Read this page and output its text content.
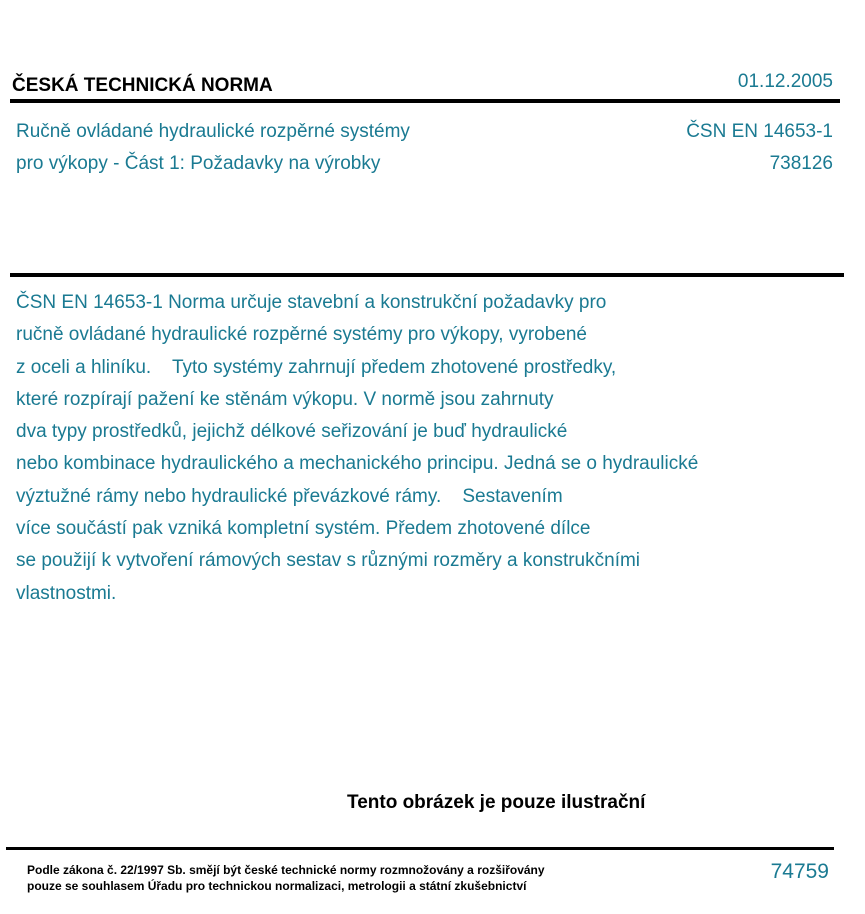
ČESKÁ TECHNICKÁ NORMA	01.12.2005
Ručně ovládané hydraulické rozpěrné systémy
pro výkopy - Část 1: Požadavky na výrobky
ČSN EN 14653-1
738126
ČSN EN 14653-1 Norma určuje stavební a konstrukční požadavky pro
ručně ovládané hydraulické rozpěrné systémy pro výkopy, vyrobené
z oceli a hliníku.    Tyto systémy zahrnují předem zhotovené prostředky,
které rozpírají pažení ke stěnám výkopu. V normě jsou zahrnuty
dva typy prostředků, jejichž délkové seřizování je buď hydraulické
nebo kombinace hydraulického a mechanického principu. Jedná se o hydraulické
výztužné rámy nebo hydraulické převázkové rámy.    Sestavením
více součástí pak vzniká kompletní systém. Předem zhotovené dílce
se použijí k vytvoření rámových sestav s různými rozměry a konstrukčními
vlastnostmi.
Tento obrázek je pouze ilustrační
Podle zákona č. 22/1997 Sb. smějí být české technické normy rozmnožovány a rozšiřovány
pouze se souhlasem Úřadu pro technickou normalizaci, metrologii a státní zkušebnictví
74759
